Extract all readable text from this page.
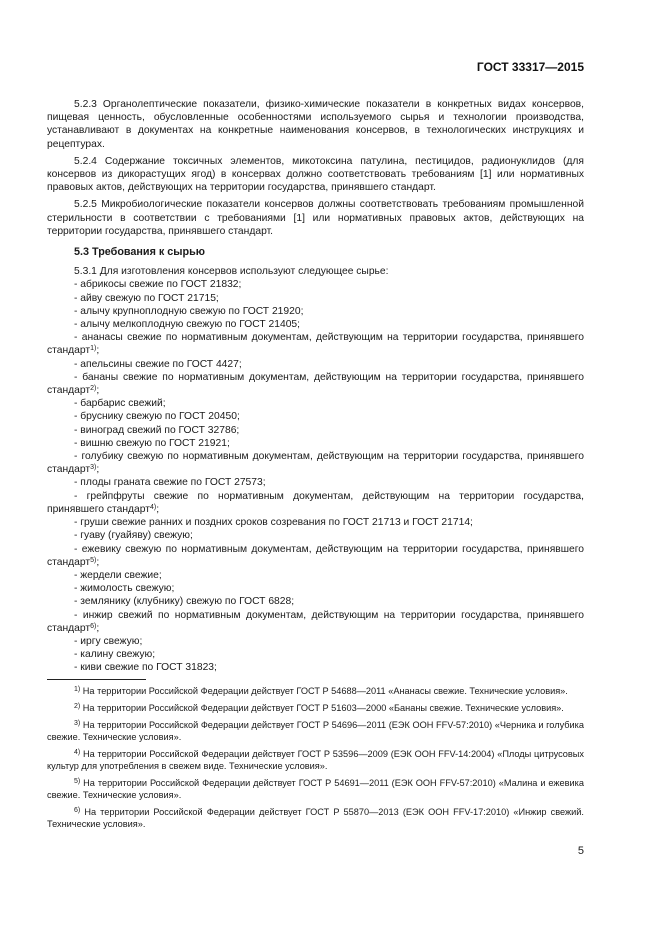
ГОСТ 33317—2015

5.2.3 Органолептические показатели, физико-химические показатели в конкретных видах консервов, пищевая ценность, обусловленные особенностями используемого сырья и технологии производства, устанавливают в документах на конкретные наименования консервов, в технологических инструкциях и рецептурах.

5.2.4 Содержание токсичных элементов, микотоксина патулина, пестицидов, радионуклидов (для консервов из дикорастущих ягод) в консервах должно соответствовать требованиям [1] или нормативных правовых актов, действующих на территории государства, принявшего стандарт.

5.2.5 Микробиологические показатели консервов должны соответствовать требованиям промышленной стерильности в соответствии с требованиями [1] или нормативных правовых актов, действующих на территории государства, принявшего стандарт.

5.3 Требования к сырью

5.3.1 Для изготовления консервов используют следующее сырье:

- абрикосы свежие по ГОСТ 21832;

- айву свежую по ГОСТ 21715;

- алычу крупноплодную свежую по ГОСТ 21920;

- алычу мелкоплодную свежую по ГОСТ 21405;

- ананасы свежие по нормативным документам, действующим на территории государства, принявшего стандарт$^{1)}$;

- апельсины свежие по ГОСТ 4427;

- бананы свежие по нормативным документам, действующим на территории государства, принявшего стандарт$^{2)}$;

- барбарис свежий;

- бруснику свежую по ГОСТ 20450;

- виноград свежий по ГОСТ 32786;

- вишню свежую по ГОСТ 21921;

- голубику свежую по нормативным документам, действующим на территории государства, принявшего стандарт$^{3)}$;

- плоды граната свежие по ГОСТ 27573;

- грейпфруты свежие по нормативным документам, действующим на территории государства, принявшего стандарт$^{4)}$;

- груши свежие ранних и поздних сроков созревания по ГОСТ 21713 и ГОСТ 21714;

- гуаву (гуайяву) свежую;

- ежевику свежую по нормативным документам, действующим на территории государства, принявшего стандарт$^{5)}$;

- жердели свежие;

- жимолость свежую;

- землянику (клубнику) свежую по ГОСТ 6828;

- инжир свежий по нормативным документам, действующим на территории государства, принявшего стандарт$^{6)}$;

- иргу свежую;

- калину свежую;

- киви свежие по ГОСТ 31823;

$^{1)}$ На территории Российской Федерации действует ГОСТ Р 54688—2011 «Ананасы свежие. Технические условия».

$^{2)}$ На территории Российской Федерации действует ГОСТ Р 51603—2000 «Бананы свежие. Технические условия».

$^{3)}$ На территории Российской Федерации действует ГОСТ Р 54696—2011 (ЕЭК ООН FFV-57:2010) «Черника и голубика свежие. Технические условия».

$^{4)}$ На территории Российской Федерации действует ГОСТ Р 53596—2009 (ЕЭК ООН FFV-14:2004) «Плоды цитрусовых культур для употребления в свежем виде. Технические условия».

$^{5)}$ На территории Российской Федерации действует ГОСТ Р 54691—2011 (ЕЭК ООН FFV-57:2010) «Малина и ежевика свежие. Технические условия».

$^{6)}$ На территории Российской Федерации действует ГОСТ Р 55870—2013 (ЕЭК ООН FFV-17:2010) «Инжир свежий. Технические условия».

5
